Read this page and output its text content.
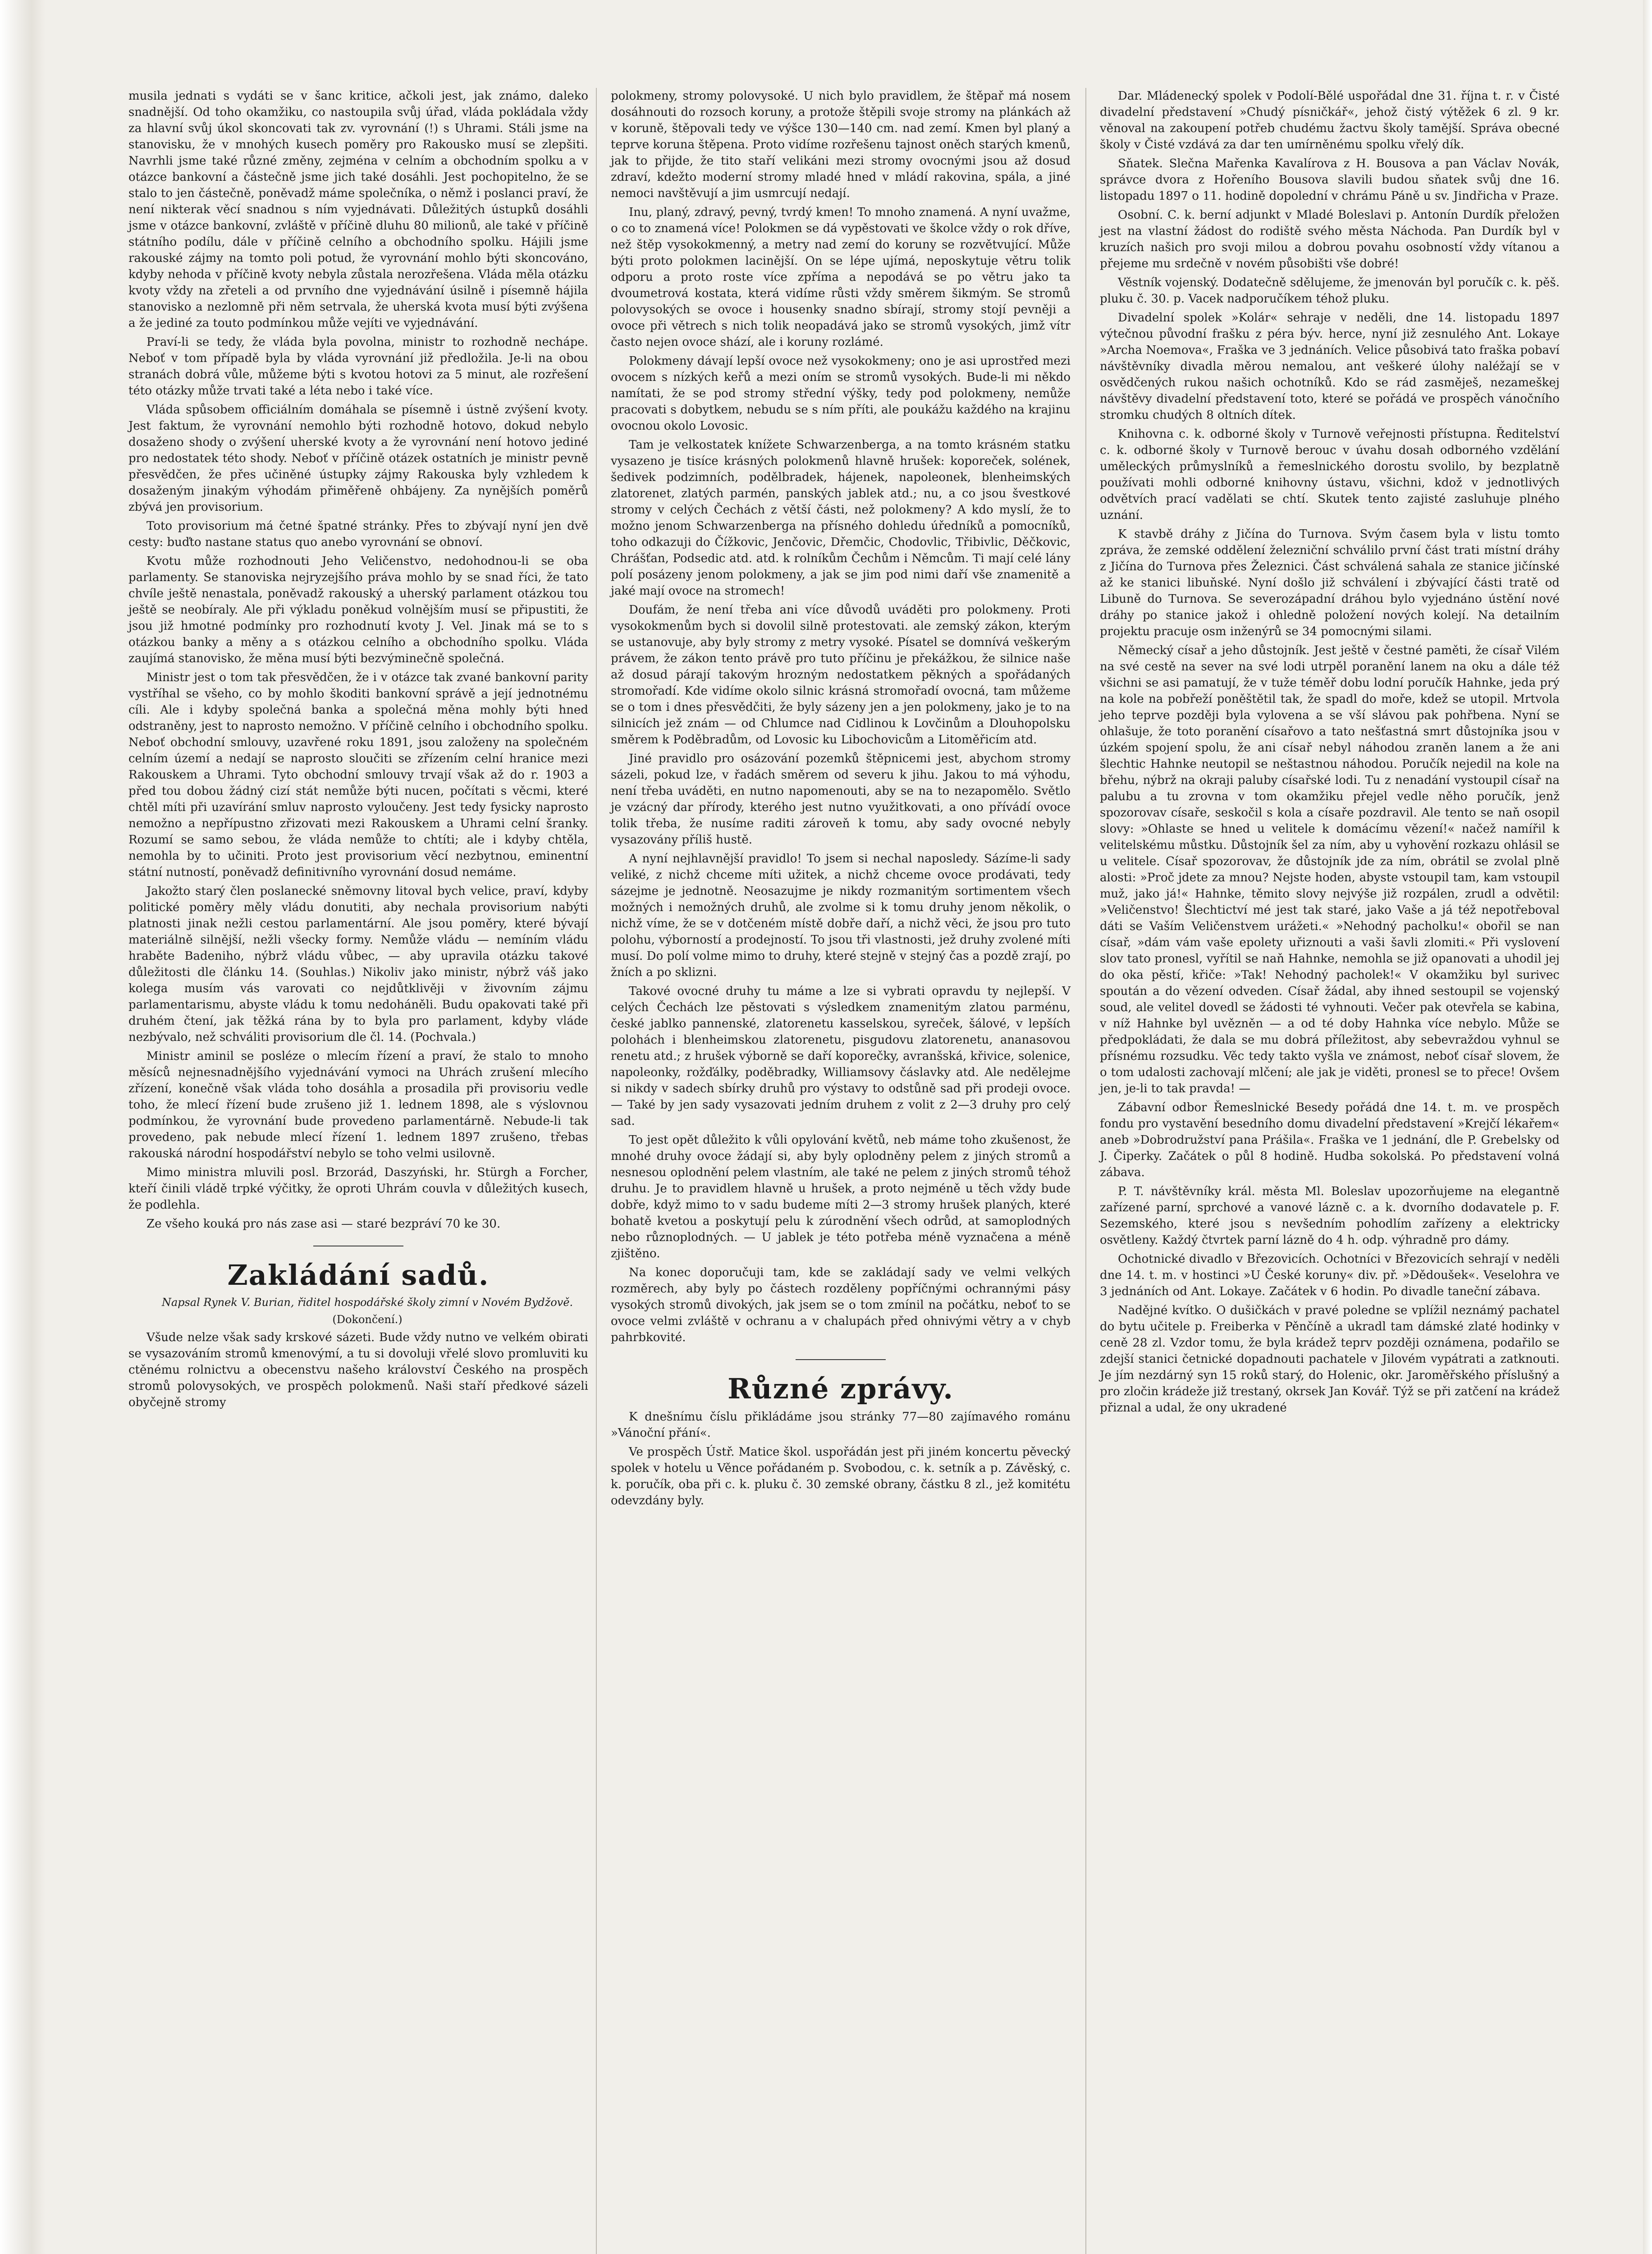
musila jednati s vydáti se v šanc kritice, ačkoli jest, jak známo, daleko snadnější. Od toho okamžiku, co nastoupila svůj úřad, vláda pokládala vždy za hlavní svůj úkol skoncovati tak zv. vyrovnání (!) s Uhrami. Stáli jsme na stanovisku, že v mnohých kusech poměry pro Rakousko musí se zlepšiti. Navrhli jsme také různé změny, zejména v celním a obchodním spolku a v otázce bankovní a částečně jsme jich také dosáhli. Jest pochopitelno, že se stalo to jen částečně, poněvadž máme společníka, o němž i poslanci praví, že není nikterak věcí snadnou s ním vyjednávati. Důležitých ústupků dosáhli jsme v otázce bankovní, zvláště v příčině dluhu 80 milionů, ale také v příčině státního podílu, dále v příčině celního a obchodního spolku. Hájili jsme rakouské zájmy na tomto poli potud, že vyrovnání mohlo býti skoncováno, kdyby nehoda v příčině kvoty nebyla zůstala nerozřešena. Vláda měla otázku kvoty vždy na zřeteli a od prvního dne vyjednávání úsilně i písemně hájila stanovisko a nezlomně při něm setrvala, že uherská kvota musí býti zvýšena a že jediné za touto podmínkou může vejíti ve vyjednávání.

Praví-li se tedy, že vláda byla povolna, ministr to rozhodně nechápe. Neboť v tom případě byla by vláda vyrovnání již předložila. Je-li na obou stranách dobrá vůle, můžeme býti s kvotou hotovi za 5 minut, ale rozřešení této otázky může trvati také a léta nebo i také více.

Vláda spůsobem officiálním domáhala se písemně i ústně zvýšení kvoty. Jest faktum, že vyrovnání nemohlo býti rozhodně hotovo, dokud nebylo dosaženo shody o zvýšení uherské kvoty a že vyrovnání není hotovo jediné pro nedostatek této shody. Neboť v příčině otázek ostatních je ministr pevně přesvědčen, že přes učiněné ústupky zájmy Rakouska byly vzhledem k dosaženým jinakým výhodám přiměřeně ohbájeny. Za nynějších poměrů zbývá jen provisorium.

Toto provisorium má četné špatné stránky. Přes to zbývají nyní jen dvě cesty: buďto nastane status quo anebo vyrovnání se obnoví.

Kvotu může rozhodnouti Jeho Veličenstvo, nedohodnou-li se oba parlamenty. Se stanoviska nejryzejšího práva mohlo by se snad říci, že tato chvíle ještě nenastala, poněvadž rakouský a uherský parlament otázkou tou ještě se neobíraly. Ale při výkladu poněkud volnějším musí se připustiti, že jsou již hmotné podmínky pro rozhodnutí kvoty J. Vel. Jinak má se to s otázkou banky a měny a s otázkou celního a obchodního spolku. Vláda zaujímá stanovisko, že měna musí býti bezvýminečně společná.

Ministr jest o tom tak přesvědčen, že i v otázce tak zvané bankovní parity vystříhal se všeho, co by mohlo škoditi bankovní správě a její jednotnému cíli. Ale i kdyby společná banka a společná měna mohly býti hned odstraněny, jest to naprosto nemožno. V příčině celního i obchodního spolku. Neboť obchodní smlouvy, uzavřené roku 1891, jsou založeny na společném celním území a nedají se naprosto sloučiti se zřízením celní hranice mezi Rakouskem a Uhrami. Tyto obchodní smlouvy trvají však až do r. 1903 a před tou dobou žádný cizí stát nemůže býti nucen, počítati s věcmi, které chtěl míti při uzavírání smluv naprosto vyloučeny. Jest tedy fysicky naprosto nemožno a nepřípustno zřizovati mezi Rakouskem a Uhrami celní šranky. Rozumí se samo sebou, že vláda nemůže to chtíti; ale i kdyby chtěla, nemohla by to učiniti. Proto jest provisorium věcí nezbytnou, eminentní státní nutností, poněvadž definitivního vyrovnání dosud nemáme.

Jakožto starý člen poslanecké sněmovny litoval bych velice, praví, kdyby politické poměry měly vládu donutiti, aby nechala provisorium nabýti platnosti jinak nežli cestou parlamentární. Ale jsou poměry, které bývají materiálně silnější, nežli všecky formy. Nemůže vládu — nemíním vládu hraběte Badeniho, nýbrž vládu vůbec, — aby upravila otázku takové důležitosti dle článku 14. (Souhlas.) Nikoliv jako ministr, nýbrž váš jako kolega musím vás varovati co nejdůtklivěji v živovním zájmu parlamentarismu, abyste vládu k tomu nedoháněli. Budu opakovati také při druhém čtení, jak těžká rána by to byla pro parlament, kdyby vláde nezbývalo, než schváliti provisorium dle čl. 14. (Pochvala.)

Ministr aminil se posléze o mlecím řízení a praví, že stalo to mnoho měsíců nejnesnadnějšího vyjednávání vymoci na Uhrách zrušení mlecího zřízení, konečně však vláda toho dosáhla a prosadila při provisoriu vedle toho, že mlecí řízení bude zrušeno již 1. lednem 1898, ale s výslovnou podmínkou, že vyrovnání bude provedeno parlamentárně. Nebude-li tak provedeno, pak nebude mlecí řízení 1. lednem 1897 zrušeno, třebas rakouská národní hospodářství nebylo se toho velmi usilovně.

Mimo ministra mluvili posl. Brzorád, Daszyński, hr. Stürgh a Forcher, kteří činili vládě trpké výčitky, že oproti Uhrám couvla v důležitých kusech, že podlehla.

Ze všeho kouká pro nás zase asi — staré bezpráví 70 ke 30.

Zakládání sadů.

Napsal Rynek V. Burian, řiditel hospodářské školy zimní v Novém Bydžově.

(Dokončení.)

Všude nelze však sady krskové sázeti. Bude vždy nutno ve velkém obirati se vysazováním stromů kmenovýmí, a tu si dovoluji vřelé slovo promluviti ku ctěnému rolnictvu a obecenstvu našeho království Českého na prospěch stromů polovysokých, ve prospěch polokmenů. Naši staří předkové sázeli obyčejně stromy

polokmeny, stromy polovysoké. U nich bylo pravidlem, že štěpař má nosem dosáhnouti do rozsoch koruny, a protože štěpili svoje stromy na plánkách až v koruně, štěpovali tedy ve výšce 130—140 cm. nad zemí. Kmen byl planý a teprve koruna štěpena. Proto vidíme rozřešenu tajnost oněch starých kmenů, jak to přijde, že tito staří velikáni mezi stromy ovocnými jsou až dosud zdraví, kdežto moderní stromy mladé hned v mládí rakovina, spála, a jiné nemoci navštěvují a jim usmrcují nedají.

Inu, planý, zdravý, pevný, tvrdý kmen! To mnoho znamená. A nyní uvažme, o co to znamená více! Polokmen se dá vypěstovati ve školce vždy o rok dříve, než štěp vysokokmenný, a metry nad zemí do koruny se rozvětvující. Může býti proto polokmen lacinější. On se lépe ujímá, neposkytuje větru tolik odporu a proto roste více zpříma a nepodává se po větru jako ta dvoumetrová kostata, která vidíme růsti vždy směrem šikmým. Se stromů polovysokých se ovoce i housenky snadno sbírají, stromy stojí pevněji a ovoce při větrech s nich tolik neopadává jako se stromů vysokých, jimž vítr často nejen ovoce shází, ale i koruny rozlámé.

Polokmeny dávají lepší ovoce než vysokokmeny; ono je asi uprostřed mezi ovocem s nízkých keřů a mezi oním se stromů vysokých. Bude-li mi někdo namítati, že se pod stromy střední výšky, tedy pod polokmeny, nemůže pracovati s dobytkem, nebudu se s ním příti, ale poukážu každého na krajinu ovocnou okolo Lovosic.

Tam je velkostatek knížete Schwarzenberga, a na tomto krásném statku vysazeno je tisíce krásných polokmenů hlavně hrušek: koporeček, solének, šedivek podzimních, podělbradek, hájenek, napoleonek, blenheimských zlatorenet, zlatých parmén, panských jablek atd.; nu, a co jsou švestkové stromy v celých Čechách z větší části, než polokmeny? A kdo myslí, že to možno jenom Schwarzenberga na přísného dohledu úředníků a pomocníků, toho odkazuji do Čížkovic, Jenčovic, Dřemčic, Chodovlic, Třibivlic, Děčkovic, Chrášťan, Podsedic atd. atd. k rolníkům Čechům i Němcům. Ti mají celé lány polí posázeny jenom polokmeny, a jak se jim pod nimi daří vše znamenitě a jaké mají ovoce na stromech!

Doufám, že není třeba ani více důvodů uváděti pro polokmeny. Proti vysokokmenům bych si dovolil silně protestovati. ale zemský zákon, kterým se ustanovuje, aby byly stromy z metry vysoké. Písatel se domnívá veškerým právem, že zákon tento právě pro tuto příčinu je překážkou, že silnice naše až dosud párají takovým hrozným nedostatkem pěkných a spořádaných stromořadí. Kde vidíme okolo silnic krásná stromořadí ovocná, tam můžeme se o tom i dnes přesvědčiti, že byly sázeny jen a jen polokmeny, jako je to na silnicích jež znám — od Chlumce nad Cidlinou k Lovčinům a Dlouhopolsku směrem k Poděbradům, od Lovosic ku Libochovicům a Litoměřicím atd.

Jiné pravidlo pro osázování pozemků štěpnicemi jest, abychom stromy sázeli, pokud lze, v řadách směrem od severu k jihu. Jakou to má výhodu, není třeba uváděti, en nutno napomenouti, aby se na to nezapomělo. Světlo je vzácný dar přírody, kterého jest nutno využitkovati, a ono přívádí ovoce tolik třeba, že nusíme raditi zároveň k tomu, aby sady ovocné nebyly vysazovány příliš hustě.

A nyní nejhlavnější pravidlo! To jsem si nechal naposledy. Sázíme-li sady veliké, z nichž chceme míti užitek, a nichž chceme ovoce prodávati, tedy sázejme je jednotně. Neosazujme je nikdy rozmanitým sortimentem všech možných i nemožných druhů, ale zvolme si k tomu druhy jenom několik, o nichž víme, že se v dotčeném místě dobře daří, a nichž věci, že jsou pro tuto polohu, výborností a prodejností. To jsou tři vlastnosti, jež druhy zvolené míti musí. Do polí volme mimo to druhy, které stejně v stejný čas a pozdě zrají, po žních a po sklizni.

Takové ovocné druhy tu máme a lze si vybrati opravdu ty nejlepší. V celých Čechách lze pěstovati s výsledkem znamenitým zlatou parménu, české jablko pannenské, zlatorenetu kasselskou, syreček, šálové, v lepších polohách i blenheimskou zlatorenetu, pisgudovu zlatorenetu, ananasovou renetu atd.; z hrušek výborně se daří koporečky, avranšská, křivice, solenice, napoleonky, rožďálky, poděbradky, Williamsovy čáslavky atd. Ale nedělejme si nikdy v sadech sbírky druhů pro výstavy to odstůně sad při prodeji ovoce. — Také by jen sady vysazovati jedním druhem z volit z 2—3 druhy pro celý sad.

To jest opět důležito k vůli opylování květů, neb máme toho zkušenost, že mnohé druhy ovoce žádají si, aby byly oplodněny pelem z jiných stromů a nesnesou oplodnění pelem vlastním, ale také ne pelem z jiných stromů téhož druhu. Je to pravidlem hlavně u hrušek, a proto nejméně u těch vždy bude dobře, když mimo to v sadu budeme míti 2—3 stromy hrušek planých, které bohatě kvetou a poskytují pelu k zúrodnění všech odrůd, at samoplodných nebo různoplodných. — U jablek je této potřeba méně vyznačena a méně zjištěno.

Na konec doporučuji tam, kde se zakládají sady ve velmi velkých rozměrech, aby byly po částech rozděleny popříčnými ochrannými pásy vysokých stromů divokých, jak jsem se o tom zmínil na počátku, neboť to se ovoce velmi zvláště v ochranu a v chalupách před ohnivými větry a v chyb pahrbkovité.

Různé zprávy.

K dnešnímu číslu přikládáme jsou stránky 77—80 zajímavého románu »Vánoční přání«.

Ve prospěch Ústř. Matice škol. uspořádán jest při jiném koncertu pěvecký spolek v hotelu u Věnce pořádaném p. Svobodou, c. k. setník a p. Závěský, c. k. poručík, oba při c. k. pluku č. 30 zemské obrany, částku 8 zl., jež komitétu odevzdány byly.

Dar. Mládenecký spolek v Podolí-Bělé uspořádal dne 31. října t. r. v Čisté divadelní představení »Chudý písničkář«, jehož čistý výtěžek 6 zl. 9 kr. věnoval na zakoupení potřeb chudému žactvu školy tamější. Správa obecné školy v Čisté vzdává za dar ten umírněnému spolku vřelý dík.

Sňatek. Slečna Mařenka Kavalírova z H. Bousova a pan Václav Novák, správce dvora z Hořeního Bousova slavili budou sňatek svůj dne 16. listopadu 1897 o 11. hodině dopolední v chrámu Páně u sv. Jindřicha v Praze.

Osobní. C. k. berní adjunkt v Mladé Boleslavi p. Antonín Durdík přeložen jest na vlastní žádost do rodiště svého města Náchoda. Pan Durdík byl v kruzích našich pro svoji milou a dobrou povahu osobností vždy vítanou a přejeme mu srdečně v novém působišti vše dobré!

Věstník vojenský. Dodatečně sdělujeme, že jmenován byl poručík c. k. pěš. pluku č. 30. p. Vacek nadporučíkem téhož pluku.

Divadelní spolek »Kolár« sehraje v neděli, dne 14. listopadu 1897 výtečnou původní frašku z péra býv. herce, nyní již zesnulého Ant. Lokaye »Archa Noemova«, Fraška ve 3 jednáních. Velice působivá tato fraška pobaví návštěvníky divadla měrou nemalou, ant veškeré úlohy naléžají se v osvědčených rukou našich ochotníků. Kdo se rád zasměješ, nezameškej návštěvy divadelní představení toto, které se pořádá ve prospěch vánočního stromku chudých 8 oltních dítek.

Knihovna c. k. odborné školy v Turnově veřejnosti přístupna. Ředitelství c. k. odborné školy v Turnově berouc v úvahu dosah odborného vzdělání uměleckých průmyslníků a řemeslnického dorostu svolilo, by bezplatně používati mohli odborné knihovny ústavu, všichni, kdož v jednotlivých odvětvích prací vadělati se chtí. Skutek tento zajisté zasluhuje plného uznání.

K stavbě dráhy z Jičína do Turnova. Svým časem byla v listu tomto zpráva, že zemské oddělení železniční schválilo první část trati místní dráhy z Jičína do Turnova přes Železnici. Část schválená sahala ze stanice jičínské až ke stanici libuňské. Nyní došlo již schválení i zbývající části tratě od Libuně do Turnova. Se severozápadní dráhou bylo vyjednáno ústění nové dráhy po stanice jakož i ohledně položení nových kolejí. Na detailním projektu pracuje osm inženýrů se 34 pomocnými silami.

Německý císař a jeho důstojník. Jest ještě v čestné paměti, že císař Vilém na své cestě na sever na své lodi utrpěl poranění lanem na oku a dále též všichni se asi pamatují, že v tuže téměř dobu lodní poručík Hahnke, jeda prý na kole na pobřeží poněštětil tak, že spadl do moře, kdež se utopil. Mrtvola jeho teprve později byla vylovena a se vší slávou pak pohřbena. Nyní se ohlašuje, že toto poranění císařovo a tato nešťastná smrt důstojníka jsou v úzkém spojení spolu, že ani císař nebyl náhodou zraněn lanem a že ani šlechtic Hahnke neutopil se neštastnou náhodou. Poručík nejedil na kole na břehu, nýbrž na okraji paluby císařské lodi. Tu z nenadání vystoupil císař na palubu a tu zrovna v tom okamžiku přejel vedle něho poručík, jenž spozorovav císaře, seskočil s kola a císaře pozdravil. Ale tento se naň osopil slovy: »Ohlaste se hned u velitele k domácímu vězení!« načež namířil k velitelskému můstku. Důstojník šel za ním, aby u vyhovění rozkazu ohlásil se u velitele. Císař spozorovav, že důstojník jde za ním, obrátil se zvolal plně alosti: »Proč jdete za mnou? Nejste hoden, abyste vstoupil tam, kam vstoupil muž, jako já!« Hahnke, těmito slovy nejvýše již rozpálen, zrudl a odvětil: »Veličenstvo! Šlechtictví mé jest tak staré, jako Vaše a já též nepotřeboval dáti se Vaším Veličenstvem urážeti.« »Nehodný pacholku!« obořil se nan císař, »dám vám vaše epolety uřiznouti a vaši šavli zlomiti.« Při vyslovení slov tato pronesl, vyřítil se naň Hahnke, nemohla se již opanovati a uhodil jej do oka pěstí, křiče: »Tak! Nehodný pacholek!« V okamžiku byl surivec spoután a do vězení odveden. Císař žádal, aby ihned sestoupil se vojenský soud, ale velitel dovedl se žádosti té vyhnouti. Večer pak otevřela se kabina, v níž Hahnke byl uvězněn — a od té doby Hahnka více nebylo. Může se předpokládati, že dala se mu dobrá příležitost, aby sebevraždou vyhnul se přísnému rozsudku. Věc tedy takto vyšla ve známost, neboť císař slovem, že o tom udalosti zachovají mlčení; ale jak je viděti, pronesl se to přece! Ovšem jen, je-li to tak pravda! —

Zábavní odbor Řemeslnické Besedy pořádá dne 14. t. m. ve prospěch fondu pro vystavění besedního domu divadelní představení »Krejčí lékařem« aneb »Dobrodružství pana Prášila«. Fraška ve 1 jednání, dle P. Grebelsky od J. Čiperky. Začátek o půl 8 hodině. Hudba sokolská. Po představení volná zábava.

P. T. návštěvníky král. města Ml. Boleslav upozorňujeme na elegantně zařízené parní, sprchové a vanové lázně c. a k. dvorního dodavatele p. F. Sezemského, které jsou s nevšedním pohodlím zařízeny a elektricky osvětleny. Každý čtvrtek parní lázně do 4 h. odp. výhradně pro dámy.

Ochotnické divadlo v Březovicích. Ochotníci v Březovicích sehrají v neděli dne 14. t. m. v hostinci »U České koruny« div. př. »Dědoušek«. Veselohra ve 3 jednáních od Ant. Lokaye. Začátek v 6 hodin. Po divadle taneční zábava.

Nadějné kvítko. O dušičkách v pravé poledne se vplížil neznámý pachatel do bytu učitele p. Freiberka v Pěnčíně a ukradl tam dámské zlaté hodinky v ceně 28 zl. Vzdor tomu, že byla krádež teprv později oznámena, podařilo se zdejší stanici četnické dopadnouti pachatele v Jilovém vypátrati a zatknouti. Je jím nezdárný syn 15 roků starý, do Holenic, okr. Jaroměřského příslušný a pro zločin krádeže již trestaný, okrsek Jan Kovář. Týž se při zatčení na krádež přiznal a udal, že ony ukradené
